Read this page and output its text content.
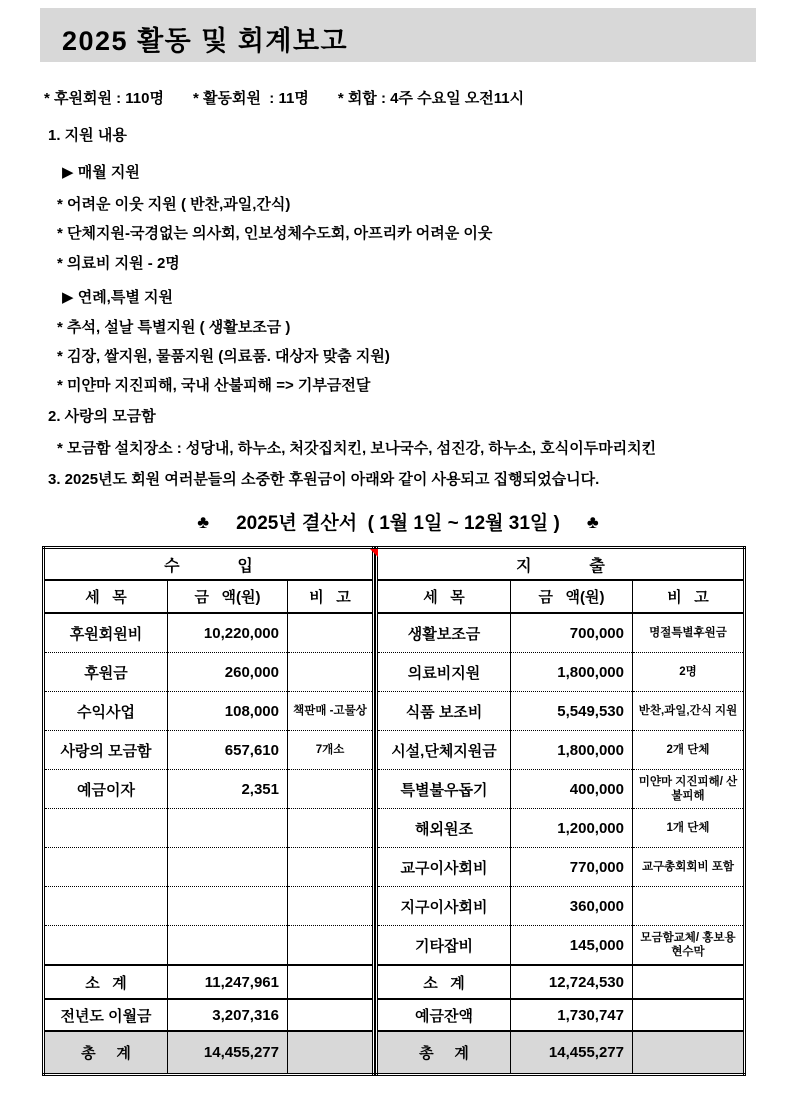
2025 활동 및 회계보고
* 후원회원 : 110명 * 활동회원  : 11명 * 회합 : 4주 수요일 오전11시
1. 지원 내용
▶ 매월 지원
* 어려운 이웃 지원 ( 반찬,과일,간식)
* 단체지원-국경없는 의사회, 인보성체수도회, 아프리카 어려운 이웃
* 의료비 지원 - 2명
▶ 연례,특별 지원
* 추석, 설날 특별지원 ( 생활보조금 )
* 김장, 쌀지원, 물품지원 (의료품. 대상자 맞춤 지원)
* 미얀마 지진피해, 국내 산불피해 => 기부금전달
2. 사랑의 모금함
* 모금함 설치장소 : 성당내, 하누소, 처갓집치킨, 보나국수, 섬진강, 하누소, 호식이두마리치킨
3. 2025년도 회원 여러분들의 소중한 후원금이 아래와 같이 사용되고 집행되었습니다.
♣ 2025년 결산서  ( 1월 1일 ~ 12월 31일 ) ♣
수             입		
세   목	금   액(원)	비   고
후원회원비	10,220,000	
후원금	260,000	
수익사업	108,000	책판매 -고물상
사랑의 모금함	657,610	7개소
예금이자	2,351	

소   계	11,247,961	
전년도 이월금	3,207,316	
총     계	14,455,277	
지             출		
세   목	금   액(원)	비   고
생활보조금	700,000	명절특별후원금
의료비지원	1,800,000	2명
식품 보조비	5,549,530	반찬,과일,간식 지원
시설,단체지원금	1,800,000	2개 단체
특별불우돕기	400,000	미얀마 지진피해/ 산불피해
해외원조	1,200,000	1개 단체
교구이사회비	770,000	교구총회회비 포함
지구이사회비	360,000	
기타잡비	145,000	모금함교체/ 홍보용현수막
소   계	12,724,530	
예금잔액	1,730,747	
총     계	14,455,277	
